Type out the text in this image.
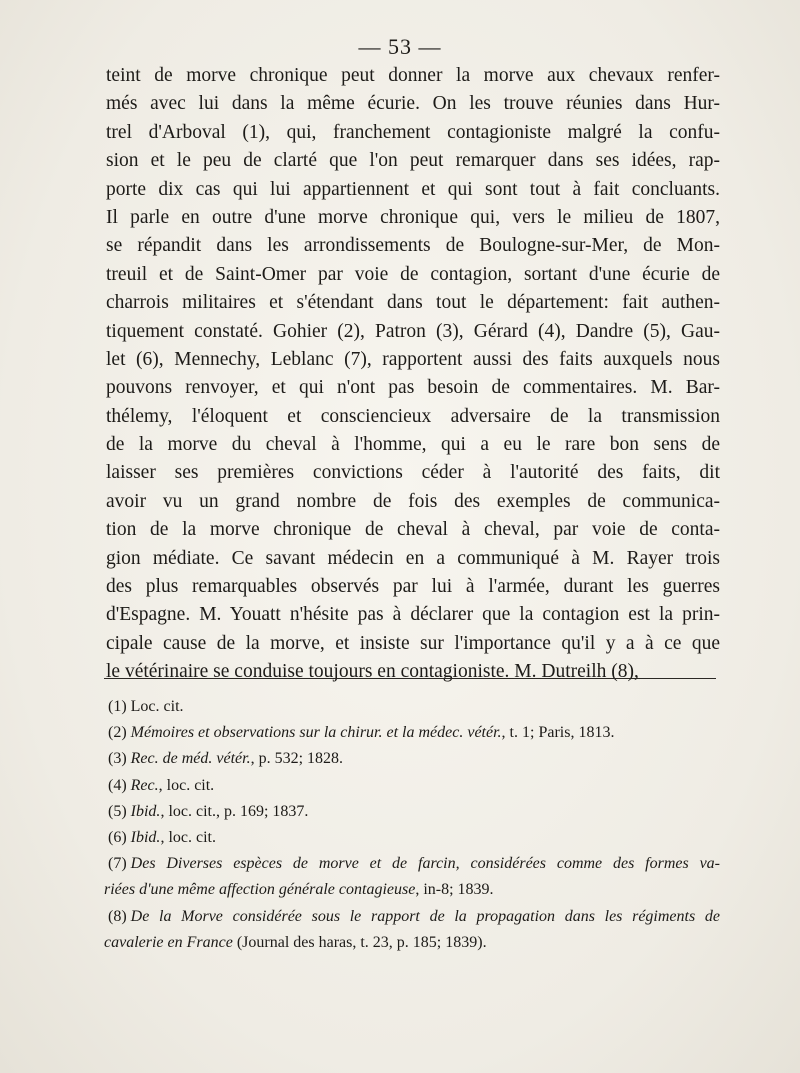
— 53 —
teint de morve chronique peut donner la morve aux chevaux renfer-
més avec lui dans la même écurie. On les trouve réunies dans Hur-
trel d'Arboval (1), qui, franchement contagioniste malgré la confu-
sion et le peu de clarté que l'on peut remarquer dans ses idées, rap-
porte dix cas qui lui appartiennent et qui sont tout à fait concluants.
Il parle en outre d'une morve chronique qui, vers le milieu de 1807,
se répandit dans les arrondissements de Boulogne-sur-Mer, de Mon-
treuil et de Saint-Omer par voie de contagion, sortant d'une écurie de
charrois militaires et s'étendant dans tout le département: fait authen-
tiquement constaté. Gohier (2), Patron (3), Gérard (4), Dandre (5), Gau-
let (6), Mennechy, Leblanc (7), rapportent aussi des faits auxquels nous
pouvons renvoyer, et qui n'ont pas besoin de commentaires. M. Bar-
thélemy, l'éloquent et consciencieux adversaire de la transmission
de la morve du cheval à l'homme, qui a eu le rare bon sens de
laisser ses premières convictions céder à l'autorité des faits, dit
avoir vu un grand nombre de fois des exemples de communica-
tion de la morve chronique de cheval à cheval, par voie de conta-
gion médiate. Ce savant médecin en a communiqué à M. Rayer trois
des plus remarquables observés par lui à l'armée, durant les guerres
d'Espagne. M. Youatt n'hésite pas à déclarer que la contagion est la prin-
cipale cause de la morve, et insiste sur l'importance qu'il y a à ce que
le vétérinaire se conduise toujours en contagioniste. M. Dutreilh (8),
(1) Loc. cit.
(2) Mémoires et observations sur la chirur. et la médec. vétér., t. 1; Paris, 1813.
(3) Rec. de méd. vétér., p. 532; 1828.
(4) Rec., loc. cit.
(5) Ibid., loc. cit., p. 169; 1837.
(6) Ibid., loc. cit.
(7) Des Diverses espèces de morve et de farcin, considérées comme des formes va-
riées d'une même affection générale contagieuse, in-8; 1839.
(8) De la Morve considérée sous le rapport de la propagation dans les régiments de
cavalerie en France (Journal des haras, t. 23, p. 185; 1839).
